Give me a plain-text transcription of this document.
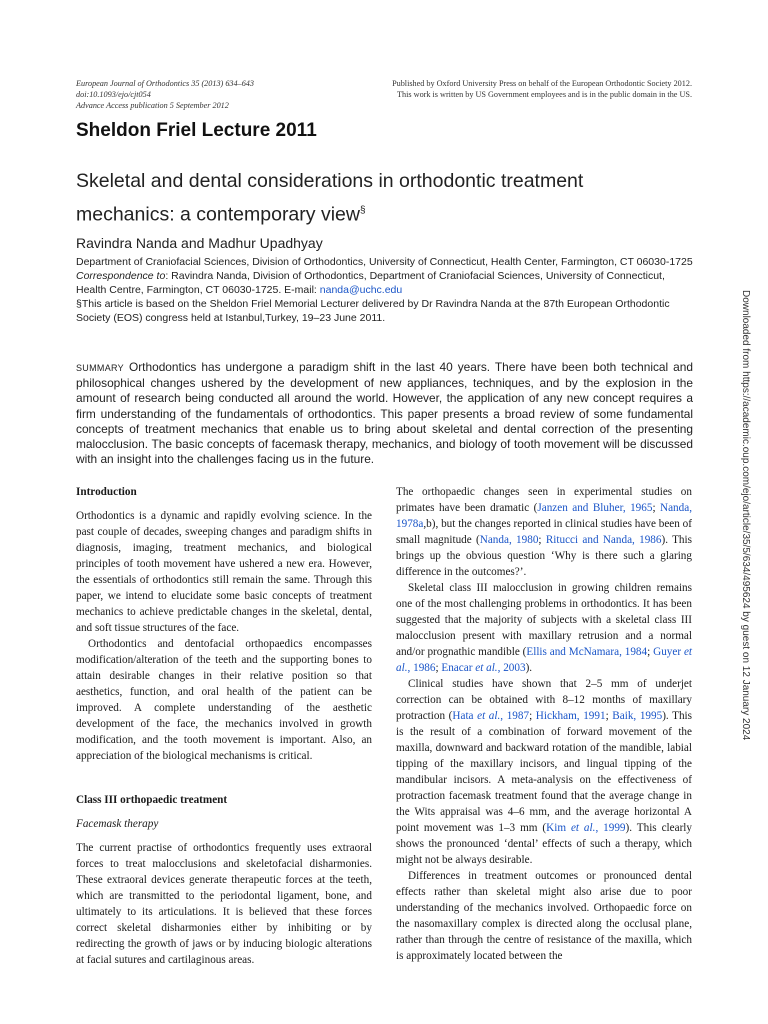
European Journal of Orthodontics 35 (2013) 634–643
doi:10.1093/ejo/cjt054
Advance Access publication 5 September 2012
Published by Oxford University Press on behalf of the European Orthodontic Society 2012.
This work is written by US Government employees and is in the public domain in the US.
Sheldon Friel Lecture 2011
Skeletal and dental considerations in orthodontic treatment mechanics: a contemporary view§
Ravindra Nanda and Madhur Upadhyay

Department of Craniofacial Sciences, Division of Orthodontics, University of Connecticut, Health Center, Farmington, CT 06030-1725

Correspondence to: Ravindra Nanda, Division of Orthodontics, Department of Craniofacial Sciences, University of Connecticut, Health Centre, Farmington, CT 06030-1725. E-mail: nanda@uchc.edu

§This article is based on the Sheldon Friel Memorial Lecturer delivered by Dr Ravindra Nanda at the 87th European Orthodontic Society (EOS) congress held at Istanbul,Turkey, 19–23 June 2011.

SUMMARY Orthodontics has undergone a paradigm shift in the last 40 years. There have been both technical and philosophical changes ushered by the development of new appliances, techniques, and by the explosion in the amount of research being conducted all around the world. However, the application of any new concept requires a firm understanding of the fundamentals of orthodontics. This paper presents a broad review of some fundamental concepts of treatment mechanics that enable us to bring about skeletal and dental correction of the presenting malocclusion. The basic concepts of facemask therapy, mechanics, and biology of tooth movement will be discussed with an insight into the challenges facing us in the future.
Introduction

Orthodontics is a dynamic and rapidly evolving science. In the past couple of decades, sweeping changes and paradigm shifts in diagnosis, imaging, treatment mechanics, and biological principles of tooth movement have ushered a new era. However, the essentials of orthodontics still remain the same. Through this paper, we intend to elucidate some basic concepts of treatment mechanics to achieve predictable changes in the skeletal, dental, and soft tissue structures of the face.

Orthodontics and dentofacial orthopaedics encompasses modification/alteration of the teeth and the supporting bones to attain desirable changes in their relative position so that aesthetics, function, and oral health of the patient can be improved. A complete understanding of the aesthetic development of the face, the mechanics involved in growth modification, and the tooth movement is important. Also, an appreciation of the biological mechanisms is critical.

Class III orthopaedic treatment
Facemask therapy

The current practise of orthodontics frequently uses extraoral forces to treat malocclusions and skeletofacial disharmonies. These extraoral devices generate therapeutic forces at the teeth, which are transmitted to the periodontal ligament, bone, and ultimately to its articulations. It is believed that these forces correct skeletal disharmonies either by inhibiting or by redirecting the growth of jaws or by inducing biologic alterations at facial sutures and cartilaginous areas.

The orthopaedic changes seen in experimental studies on primates have been dramatic (Janzen and Bluher, 1965; Nanda, 1978a,b), but the changes reported in clinical studies have been of small magnitude (Nanda, 1980; Ritucci and Nanda, 1986). This brings up the obvious question ‘Why is there such a glaring difference in the outcomes?’.

Skeletal class III malocclusion in growing children remains one of the most challenging problems in orthodontics. It has been suggested that the majority of subjects with a skeletal class III malocclusion present with maxillary retrusion and a normal and/or prognathic mandible (Ellis and McNamara, 1984; Guyer et al., 1986; Enacar et al., 2003).

Clinical studies have shown that 2–5 mm of underjet correction can be obtained with 8–12 months of maxillary protraction (Hata et al., 1987; Hickham, 1991; Baik, 1995). This is the result of a combination of forward movement of the maxilla, downward and backward rotation of the mandible, labial tipping of the maxillary incisors, and lingual tipping of the mandibular incisors. A meta-analysis on the effectiveness of protraction facemask treatment found that the average change in the Wits appraisal was 4–6 mm, and the average horizontal A point movement was 1–3 mm (Kim et al., 1999). This clearly shows the pronounced ‘dental’ effects of such a therapy, which might not be always desirable.

Differences in treatment outcomes or pronounced dental effects rather than skeletal might also arise due to poor understanding of the mechanics involved. Orthopaedic force on the nasomaxillary complex is directed along the occlusal plane, rather than through the centre of resistance of the maxilla, which is approximately located between the

Downloaded from https://academic.oup.com/ejo/article/35/5/634/495624 by guest on 12 January 2024
